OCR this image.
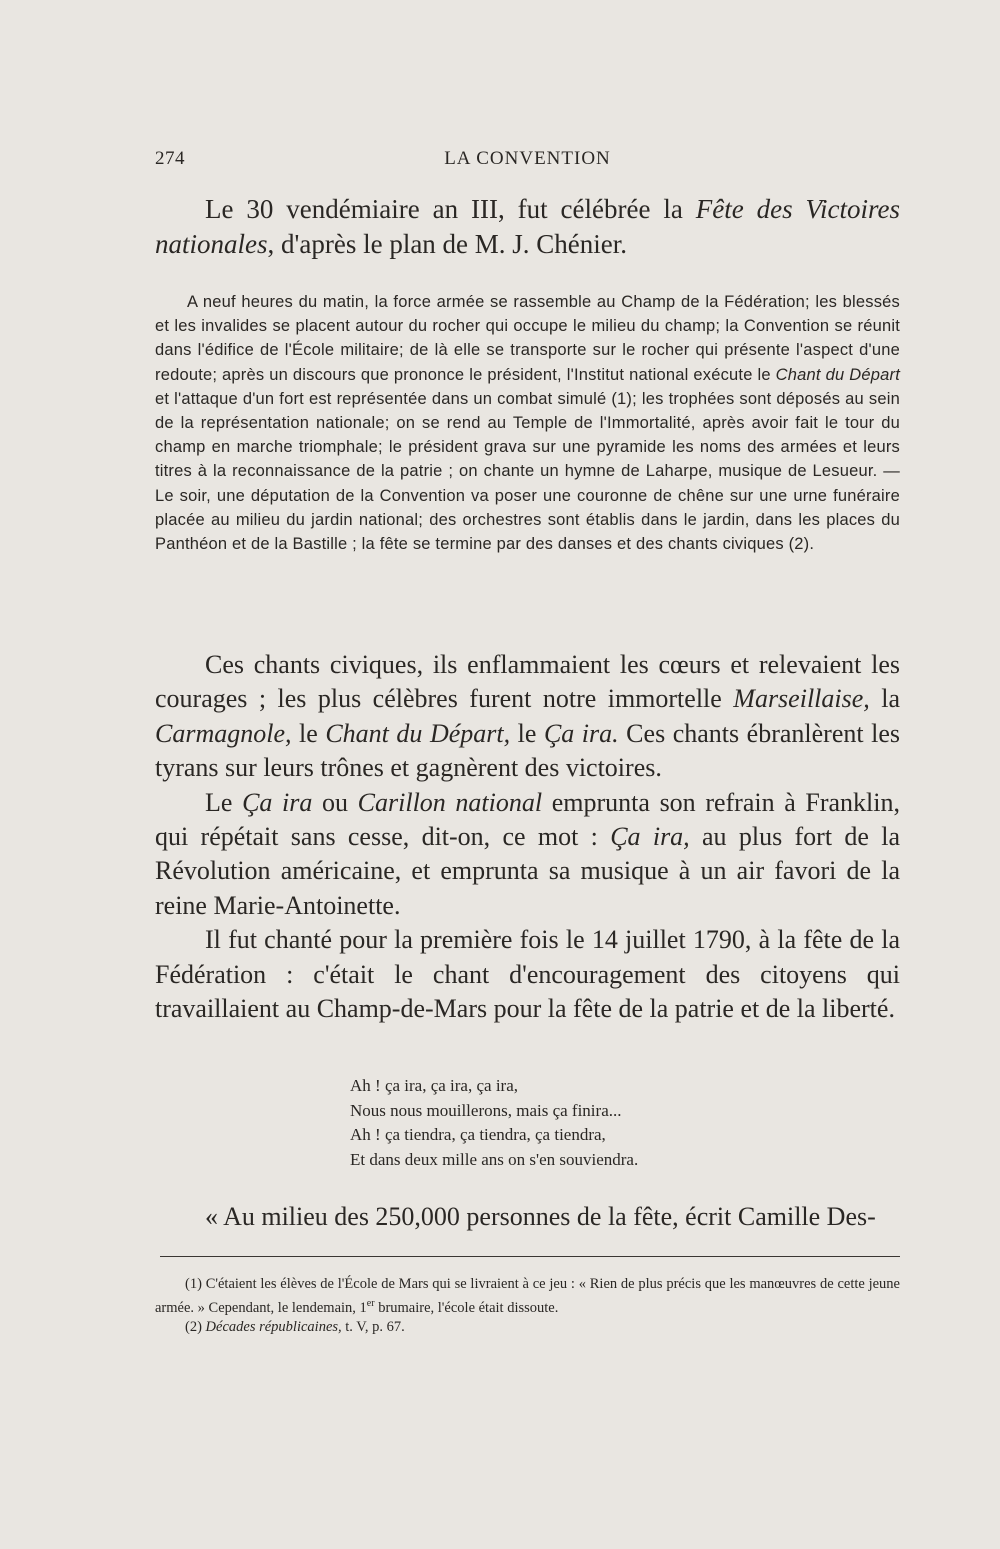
274	LA CONVENTION
Le 30 vendémiaire an III, fut célébrée la Fête des Victoires nationales, d'après le plan de M. J. Chénier.

A neuf heures du matin, la force armée se rassemble au Champ de la Fédération; les blessés et les invalides se placent autour du rocher qui occupe le milieu du champ; la Convention se réunit dans l'édifice de l'École militaire; de là elle se transporte sur le rocher qui présente l'aspect d'une redoute; après un discours que prononce le président, l'Institut national exécute le Chant du Départ et l'attaque d'un fort est représentée dans un combat simulé (1); les trophées sont déposés au sein de la représentation nationale; on se rend au Temple de l'Immortalité, après avoir fait le tour du champ en marche triomphale; le président grava sur une pyramide les noms des armées et leurs titres à la reconnaissance de la patrie ; on chante un hymne de Laharpe, musique de Lesueur. — Le soir, une députation de la Convention va poser une couronne de chêne sur une urne funéraire placée au milieu du jardin national; des orchestres sont établis dans le jardin, dans les places du Panthéon et de la Bastille ; la fête se termine par des danses et des chants civiques (2).

Ces chants civiques, ils enflammaient les cœurs et relevaient les courages ; les plus célèbres furent notre immortelle Marseillaise, la Carmagnole, le Chant du Départ, le Ça ira. Ces chants ébranlèrent les tyrans sur leurs trônes et gagnèrent des victoires.

Le Ça ira ou Carillon national emprunta son refrain à Franklin, qui répétait sans cesse, dit-on, ce mot : Ça ira, au plus fort de la Révolution américaine, et emprunta sa musique à un air favori de la reine Marie-Antoinette.

Il fut chanté pour la première fois le 14 juillet 1790, à la fête de la Fédération : c'était le chant d'encouragement des citoyens qui travaillaient au Champ-de-Mars pour la fête de la patrie et de la liberté.

Ah ! ça ira, ça ira, ça ira,
Nous nous mouillerons, mais ça finira...
Ah ! ça tiendra, ça tiendra, ça tiendra,
Et dans deux mille ans on s'en souviendra.
« Au milieu des 250,000 personnes de la fête, écrit Camille Des-

(1) C'étaient les élèves de l'École de Mars qui se livraient à ce jeu : « Rien de plus précis que les manœuvres de cette jeune armée. » Cependant, le lendemain, 1er brumaire, l'école était dissoute.

(2) Décades républicaines, t. V, p. 67.
